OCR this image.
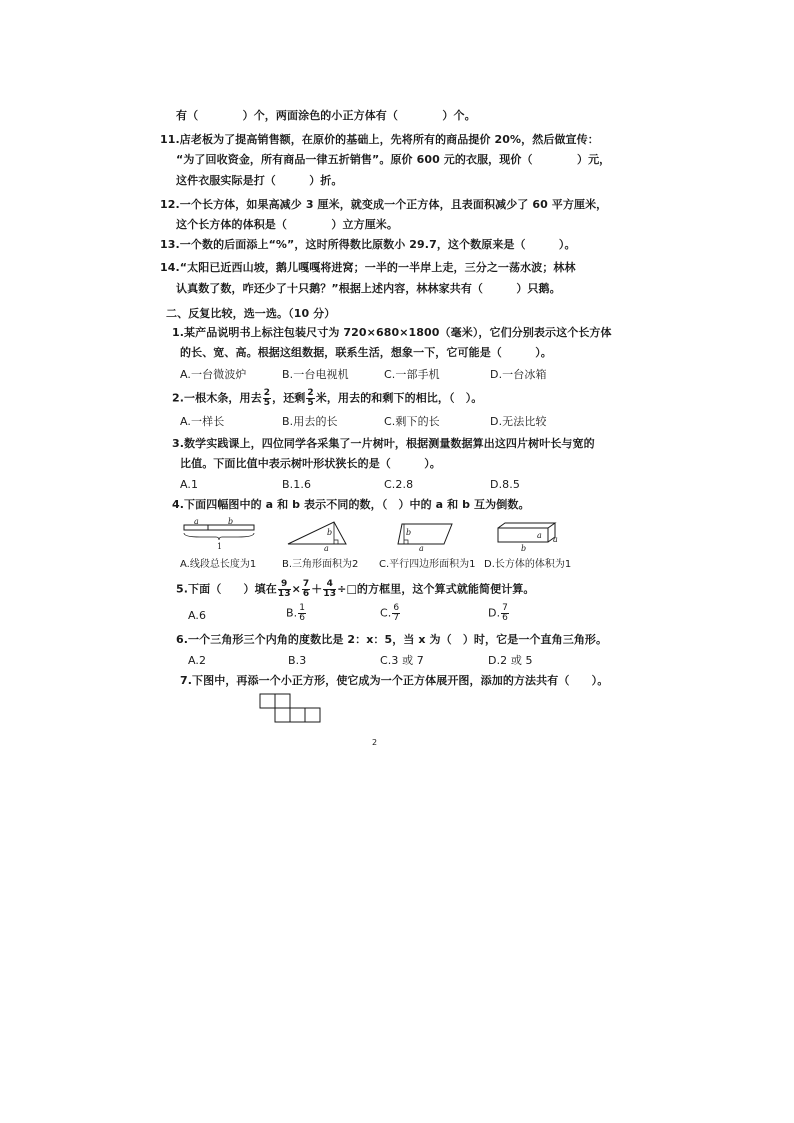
有（　　　　）个，两面涂色的小正方体有（　　　　）个。
11.店老板为了提高销售额，在原价的基础上，先将所有的商品提价 20%，然后做宣传：
“为了回收资金，所有商品一律五折销售”。原价 600 元的衣服，现价（　　　　）元，
这件衣服实际是打（　　　）折。
12.一个长方体，如果高减少 3 厘米，就变成一个正方体，且表面积减少了 60 平方厘米，
这个长方体的体积是（　　　　）立方厘米。
13.一个数的后面添上“%”，这时所得数比原数小 29.7，这个数原来是（　　　）。
14.“太阳已近西山坡，鹅儿嘎嘎将进窝；一半的一半岸上走，三分之一荡水波；林林
认真数了数，咋还少了十只鹅？”根据上述内容，林林家共有（　　　）只鹅。
二、反复比较，选一选。（10 分）
1.某产品说明书上标注包装尺寸为 720×680×1800（毫米），它们分别表示这个长方体
的长、宽、高。根据这组数据，联系生活，想象一下，它可能是（　　　）。
A.一台微波炉	B.一台电视机	C.一部手机	D.一台冰箱
2.一根木条，用去 $\frac{2}{5}$ ，还剩 $\frac{2}{5}$ 米，用去的和剩下的相比，（　）。
A.一样长	B.用去的长	C.剩下的长	D.无法比较
3.数学实践课上，四位同学各采集了一片树叶，根据测量数据算出这四片树叶长与宽的
比值。下面比值中表示树叶形状狭长的是（　　　）。
A.1	B.1.6	C.2.8	D.8.5
4.下面四幅图中的 a 和 b 表示不同的数，（　）中的 a 和 b 互为倒数。
a	b
1
b
a
b
a
a a
b
A.线段总长度为1	B.三角形面积为2 C.平行四边形面积为1 D.长方体的体积为1
5.下面（　　）填在 $\frac{9}{13} \times \frac{7}{6} + \frac{4}{13}$ ÷□的方框里，这个算式就能简便计算。
A.6	B. $\frac{1}{6}$	C. $\frac{6}{7}$	D. $\frac{7}{6}$
6.一个三角形三个内角的度数比是 2：x：5，当 x 为（　）时，它是一个直角三角形。
A.2	B.3	C.3 或 7	D.2 或 5
7.下图中，再添一个小正方形，使它成为一个正方体展开图，添加的方法共有（　　）。
2
